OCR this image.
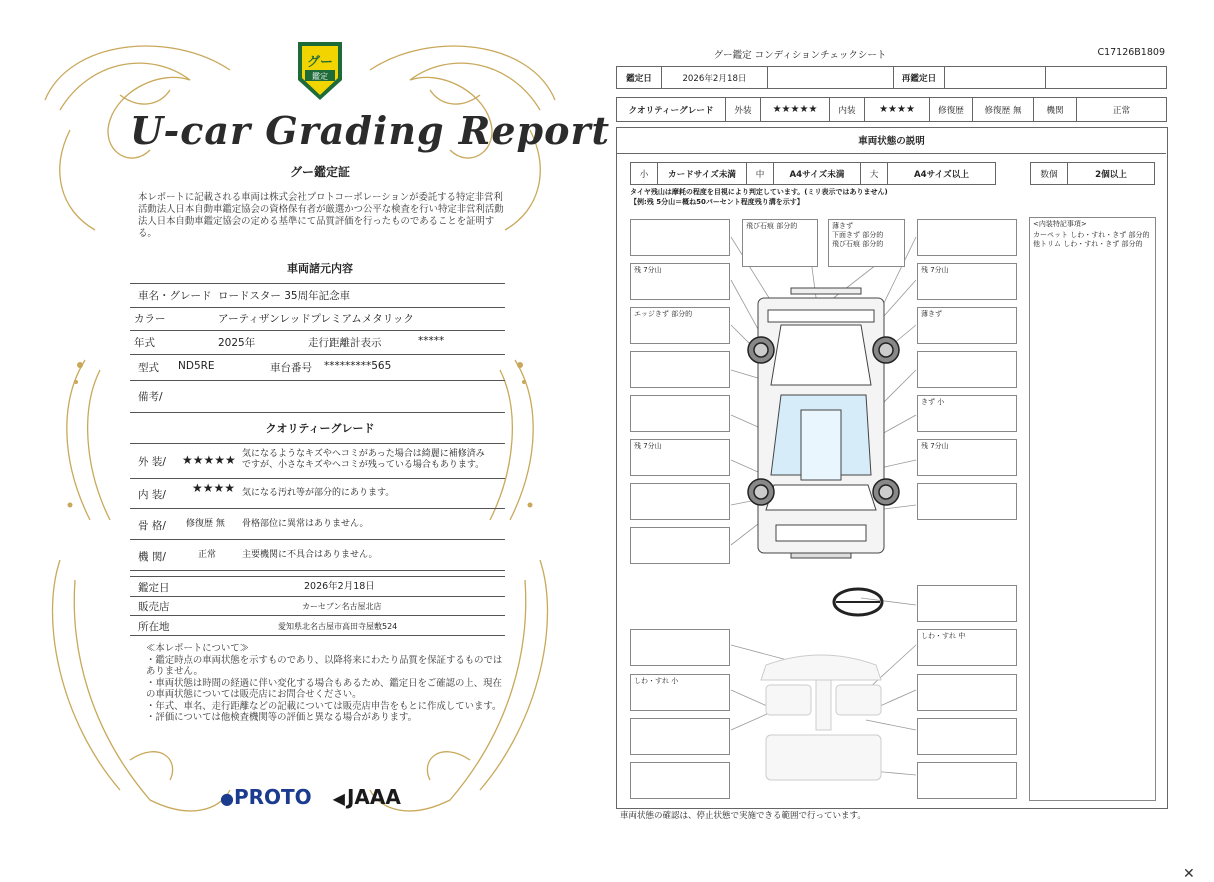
グー
鑑定
U-car Grading Report
グー鑑定証
本レポートに記載される車両は株式会社プロトコーポレーションが委託する特定非営利活動法人日本自動車鑑定協会の資格保有者が厳選かつ公平な検査を行い特定非営利活動法人日本自動車鑑定協会の定める基準にて品質評価を行ったものであることを証明する。
車両諸元内容
車名・グレード ロードスター 35周年記念車
カラー	アーティザンレッドプレミアムメタリック
年式	2025年	走行距離計表示	*****
型式 ND5RE	車台番号 *********565
備考/
クオリティーグレード
外 装/ ★★★★★ 気になるようなキズやヘコミがあった場合は綺麗に補修済み
ですが、小さなキズやヘコミが残っている場合もあります。
内 装/ ★★★★ 気になる汚れ等が部分的にあります。
骨 格/ 修復歴 無 骨格部位に異常はありません。
機 関/	正常	主要機関に不具合はありません。
鑑定日	2026年2月18日
販売店	カーセブン名古屋北店
所在地	愛知県北名古屋市高田寺屋敷524
≪本レポートについて≫
・鑑定時点の車両状態を示すものであり、以降将来にわたり品質を保証するものではありません。
・車両状態は時間の経過に伴い変化する場合もあるため、鑑定日をご確認の上、現在の車両状態については販売店にお問合せください。
・年式、車名、走行距離などの記載については販売店申告をもとに作成しています。
・評価については他検査機関等の評価と異なる場合があります。
●PROTO ◀ JAAA
グー鑑定 コンディションチェックシート	C17126B1809
鑑定日	2026年2月18日		再鑑定日		
クオリティーグレード	外装	★★★★★	内装	★★★★	修復歴	修復歴 無	機関	正常
車両状態の説明
小	カードサイズ未満	中	A4サイズ未満	大	A4サイズ以上	数個	2個以上
タイヤ残山は摩耗の程度を目視により判定しています。(ミリ表示ではありません)
【例:残 5分山＝概ね50パーセント程度残り溝を示す】
<内装特記事項>
カーペット しわ・すれ・きず 部分的
他トリム しわ・すれ・きず 部分的
残 7分山
エッジきず 部分的
残 7分山
しわ・すれ 小
飛び石痕 部分的	薄きず
下面きず 部分的
飛び石痕 部分的
残 7分山
薄きず
きず 小
残 7分山
しわ・すれ 中
車両状態の確認は、停止状態で実施できる範囲で行っています。
✕
